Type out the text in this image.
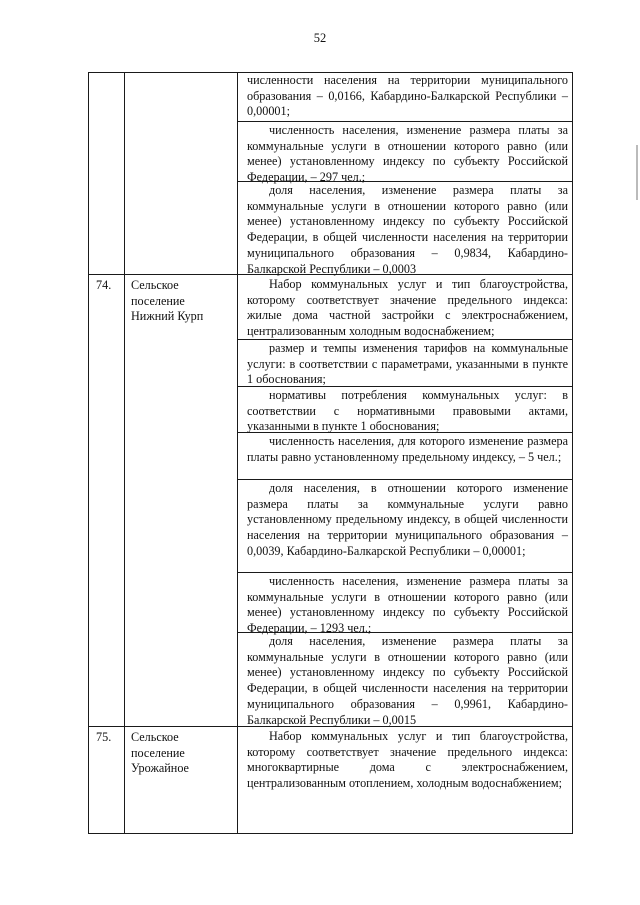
52

численности населения на территории муниципального образования – 0,0166, Кабардино-Балкарской Республики – 0,00001;

численность населения, изменение размера платы за коммунальные услуги в отношении которого равно (или менее) установленному индексу по субъекту Российской Федерации, – 297 чел.;

доля населения, изменение размера платы за коммунальные услуги в отношении которого равно (или менее) установленному индексу по субъекту Российской Федерации, в общей численности населения на территории муниципального образования – 0,9834, Кабардино-Балкарской Республики – 0,0003

74. Сельское поселение Нижний Курп

Набор коммунальных услуг и тип благоустройства, которому соответствует значение предельного индекса: жилые дома частной застройки с электроснабжением, централизованным холодным водоснабжением;

размер и темпы изменения тарифов на коммунальные услуги: в соответствии с параметрами, указанными в пункте 1 обоснования;

нормативы потребления коммунальных услуг: в соответствии с нормативными правовыми актами, указанными в пункте 1 обоснования;

численность населения, для которого изменение размера платы равно установленному предельному индексу, – 5 чел.;

доля населения, в отношении которого изменение размера платы за коммунальные услуги равно установленному предельному индексу, в общей численности населения на территории муниципального образования – 0,0039, Кабардино-Балкарской Республики – 0,00001;

численность населения, изменение размера платы за коммунальные услуги в отношении которого равно (или менее) установленному индексу по субъекту Российской Федерации, – 1293 чел.;

доля населения, изменение размера платы за коммунальные услуги в отношении которого равно (или менее) установленному индексу по субъекту Российской Федерации, в общей численности населения на территории муниципального образования – 0,9961, Кабардино-Балкарской Республики – 0,0015

75. Сельское поселение Урожайное

Набор коммунальных услуг и тип благоустройства, которому соответствует значение предельного индекса: многоквартирные дома с электроснабжением, централизованным отоплением, холодным водоснабжением;
